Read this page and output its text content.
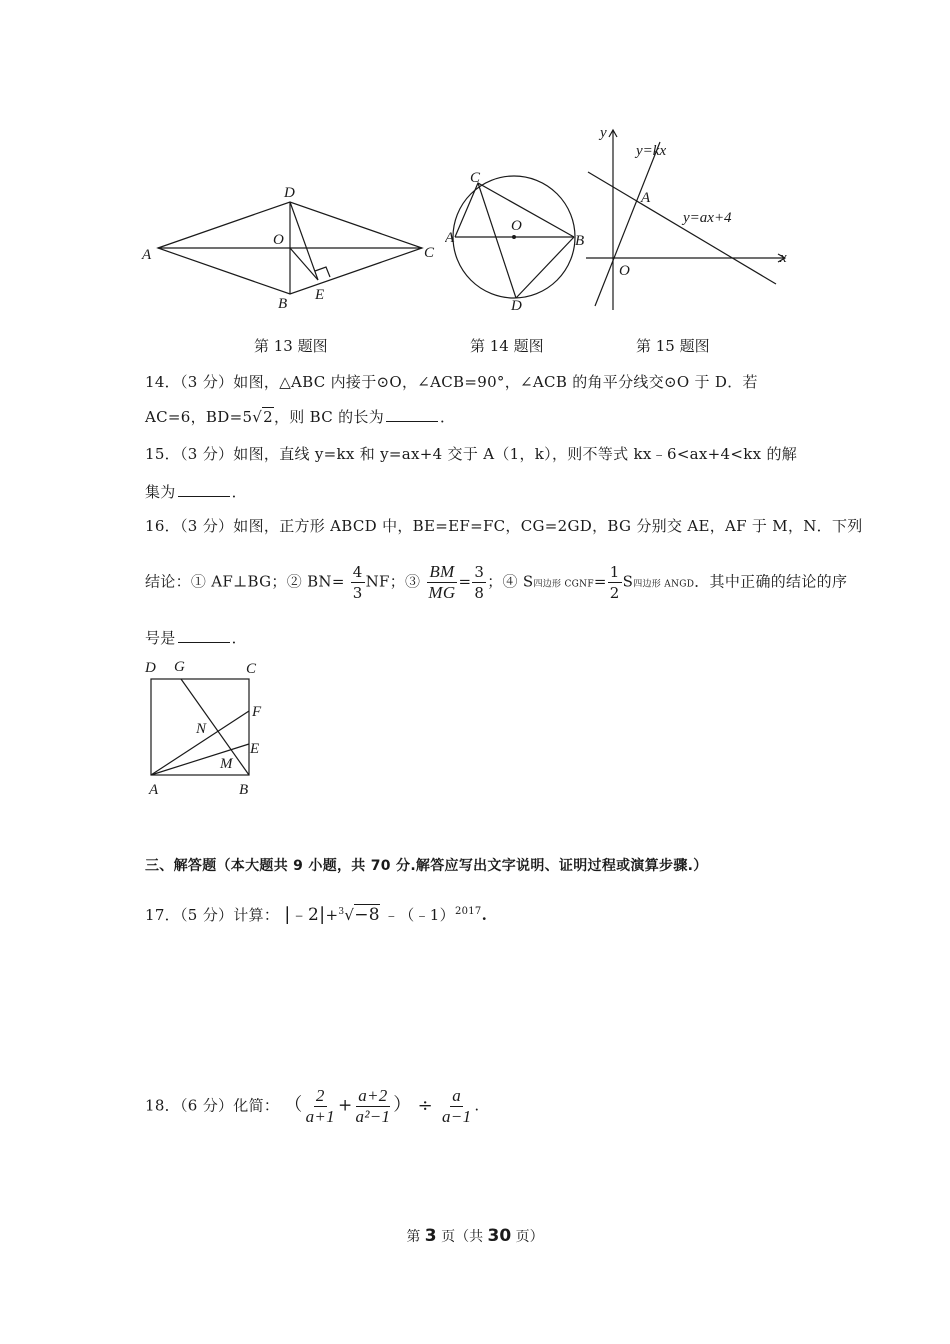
A
B
C
D
O
E
A	B
C
D
O
x
y
O
A
y=kx
y=ax+4
第 13 题图	第 14 题图	第 15 题图
14．（3 分）如图，△ABC 内接于⊙O，∠ACB=90°，∠ACB 的角平分线交⊙O 于 D．若
AC=6，BD=5√2，则 BC 的长为	．
15．（3 分）如图，直线 y=kx 和 y=ax+4 交于 A（1，k），则不等式 kx﹣6<ax+4<kx 的解
集为	．
16．（3 分）如图，正方形 ABCD 中，BE=EF=FC，CG=2GD，BG 分别交 AE，AF 于 M，N．下列
结论：① AF⊥BG；② $BN= \frac{4}{3}$ NF；③ $\frac{BM}{MG} = \frac{3}{8}$ ；④ S四边形 CGNF= $\frac{1}{2}$ S四边形 ANGD．其中正确的结论的序
号是	．
D G	C
F
E
N
M
A	B
三、解答题（本大题共 9 小题，共 70 分.解答应写出文字说明、证明过程或演算步骤.）
17．（5 分）计算： |﹣2|+$^3$√−8 ﹣（﹣1）$^{2017}$.
18．（6 分）化简： （ $\frac{2}{a+1} + \frac{a+2}{\text{a²−1}}$ ） ÷ $\frac{a}{a-1}$ .
第 3 页（共 30 页）
